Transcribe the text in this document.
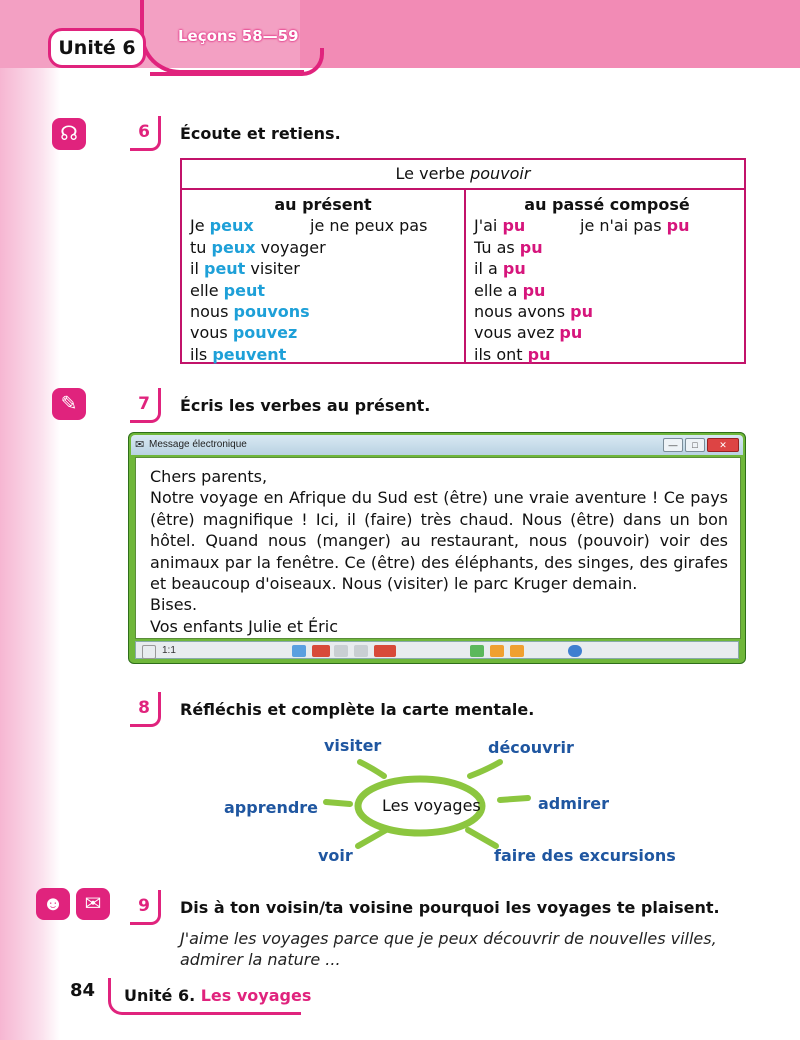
Unité 6
Leçons 58—59
☊	6	Écoute et retiens.
Le verbe pouvoir
au présent
Je peux	je ne peux pas
tu peux voyager
il peut visiter
elle peut
nous pouvons
vous pouvez
ils peuvent
au passé composé
J'ai pu	je n'ai pas pu
Tu as pu
il a pu
elle a pu
nous avons pu
vous avez pu
ils ont pu
✎	7	Écris les verbes au présent.
✉ Message électronique	—	□	✕
Chers parents,
Notre voyage en Afrique du Sud est (être) une vraie aventure ! Ce pays (être) magnifique ! Ici, il (faire) très chaud. Nous (être) dans un bon hôtel. Quand nous (manger) au restaurant, nous (pouvoir) voir des animaux par la fenêtre. Ce (être) des éléphants, des singes, des girafes et beaucoup d'oiseaux. Nous (visiter) le parc Kruger demain.
Bises.
Vos enfants Julie et Éric
1:1
8	Réfléchis et complète la carte mentale.
Les voyages
visiter	découvrir
apprendre	admirer
voir	faire des excursions
☻	✉	9	Dis à ton voisin/ta voisine pourquoi les voyages te plaisent.
J'aime les voyages parce que je peux découvrir de nouvelles villes, admirer la nature ...
84 Unité 6. Les voyages
